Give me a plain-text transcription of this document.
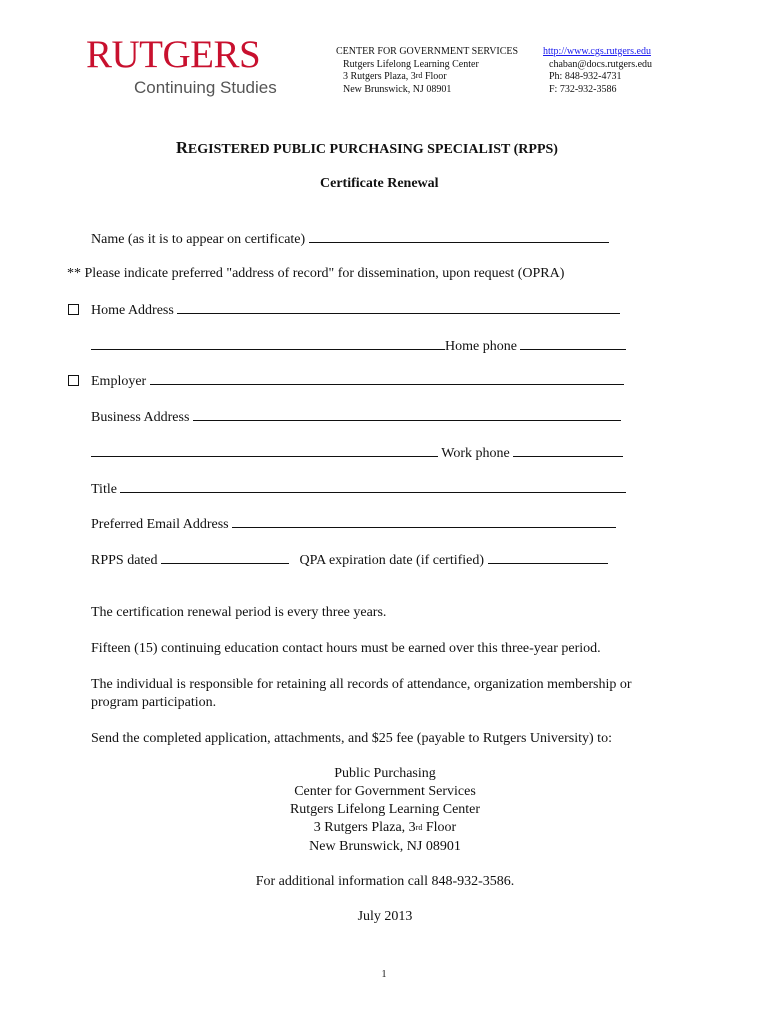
RUTGERS
Continuing Studies
CENTER FOR GOVERNMENT SERVICES
Rutgers Lifelong Learning Center
3 Rutgers Plaza, 3rd Floor
New Brunswick, NJ 08901
http://www.cgs.rutgers.edu
chaban@docs.rutgers.edu
Ph: 848-932-4731
F: 732-932-3586
REGISTERED PUBLIC PURCHASING SPECIALIST (RPPS)
Certificate Renewal
Name (as it is to appear on certificate)
** Please indicate preferred "address of record" for dissemination, upon request (OPRA)
Home Address
Home phone
Employer
Business Address
Work phone
Title
Preferred Email Address
RPPS dated	QPA expiration date (if certified)
The certification renewal period is every three years.
Fifteen (15) continuing education contact hours must be earned over this three-year period.
The individual is responsible for retaining all records of attendance, organization membership or
program participation.
Send the completed application, attachments, and $25 fee (payable to Rutgers University) to:
Public Purchasing
Center for Government Services
Rutgers Lifelong Learning Center
3 Rutgers Plaza, 3rd Floor
New Brunswick, NJ 08901
For additional information call 848-932-3586.
July 2013
1
